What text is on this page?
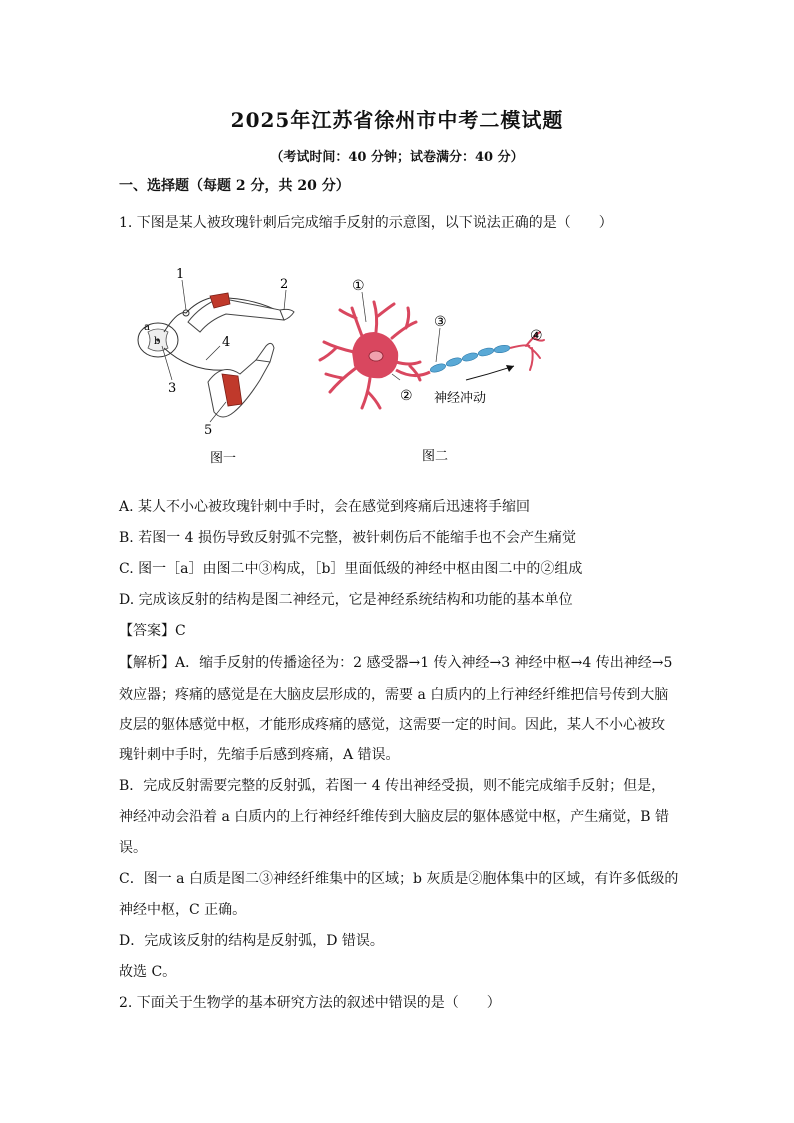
2025年江苏省徐州市中考二模试题
（考试时间：40 分钟；试卷满分：40 分）
一、选择题（每题 2 分，共 20 分）
1. 下图是某人被玫瑰针刺后完成缩手反射的示意图，以下说法正确的是（　　）
1
2
3
4
5
a
b
图一
①
②
③
④
神经冲动
图二
A. 某人不小心被玫瑰针刺中手时，会在感觉到疼痛后迅速将手缩回
B. 若图一 4 损伤导致反射弧不完整，被针刺伤后不能缩手也不会产生痛觉
C. 图一［a］由图二中③构成，［b］里面低级的神经中枢由图二中的②组成
D. 完成该反射的结构是图二神经元，它是神经系统结构和功能的基本单位
【答案】C
【解析】A．缩手反射的传播途径为：2 感受器→1 传入神经→3 神经中枢→4 传出神经→5
效应器；疼痛的感觉是在大脑皮层形成的，需要 a 白质内的上行神经纤维把信号传到大脑
皮层的躯体感觉中枢，才能形成疼痛的感觉，这需要一定的时间。因此，某人不小心被玫
瑰针刺中手时，先缩手后感到疼痛，A 错误。
B．完成反射需要完整的反射弧，若图一 4 传出神经受损，则不能完成缩手反射；但是，
神经冲动会沿着 a 白质内的上行神经纤维传到大脑皮层的躯体感觉中枢，产生痛觉，B 错
误。
C．图一 a 白质是图二③神经纤维集中的区域；b 灰质是②胞体集中的区域，有许多低级的
神经中枢，C 正确。
D．完成该反射的结构是反射弧，D 错误。
故选 C。
2. 下面关于生物学的基本研究方法的叙述中错误的是（　　）
